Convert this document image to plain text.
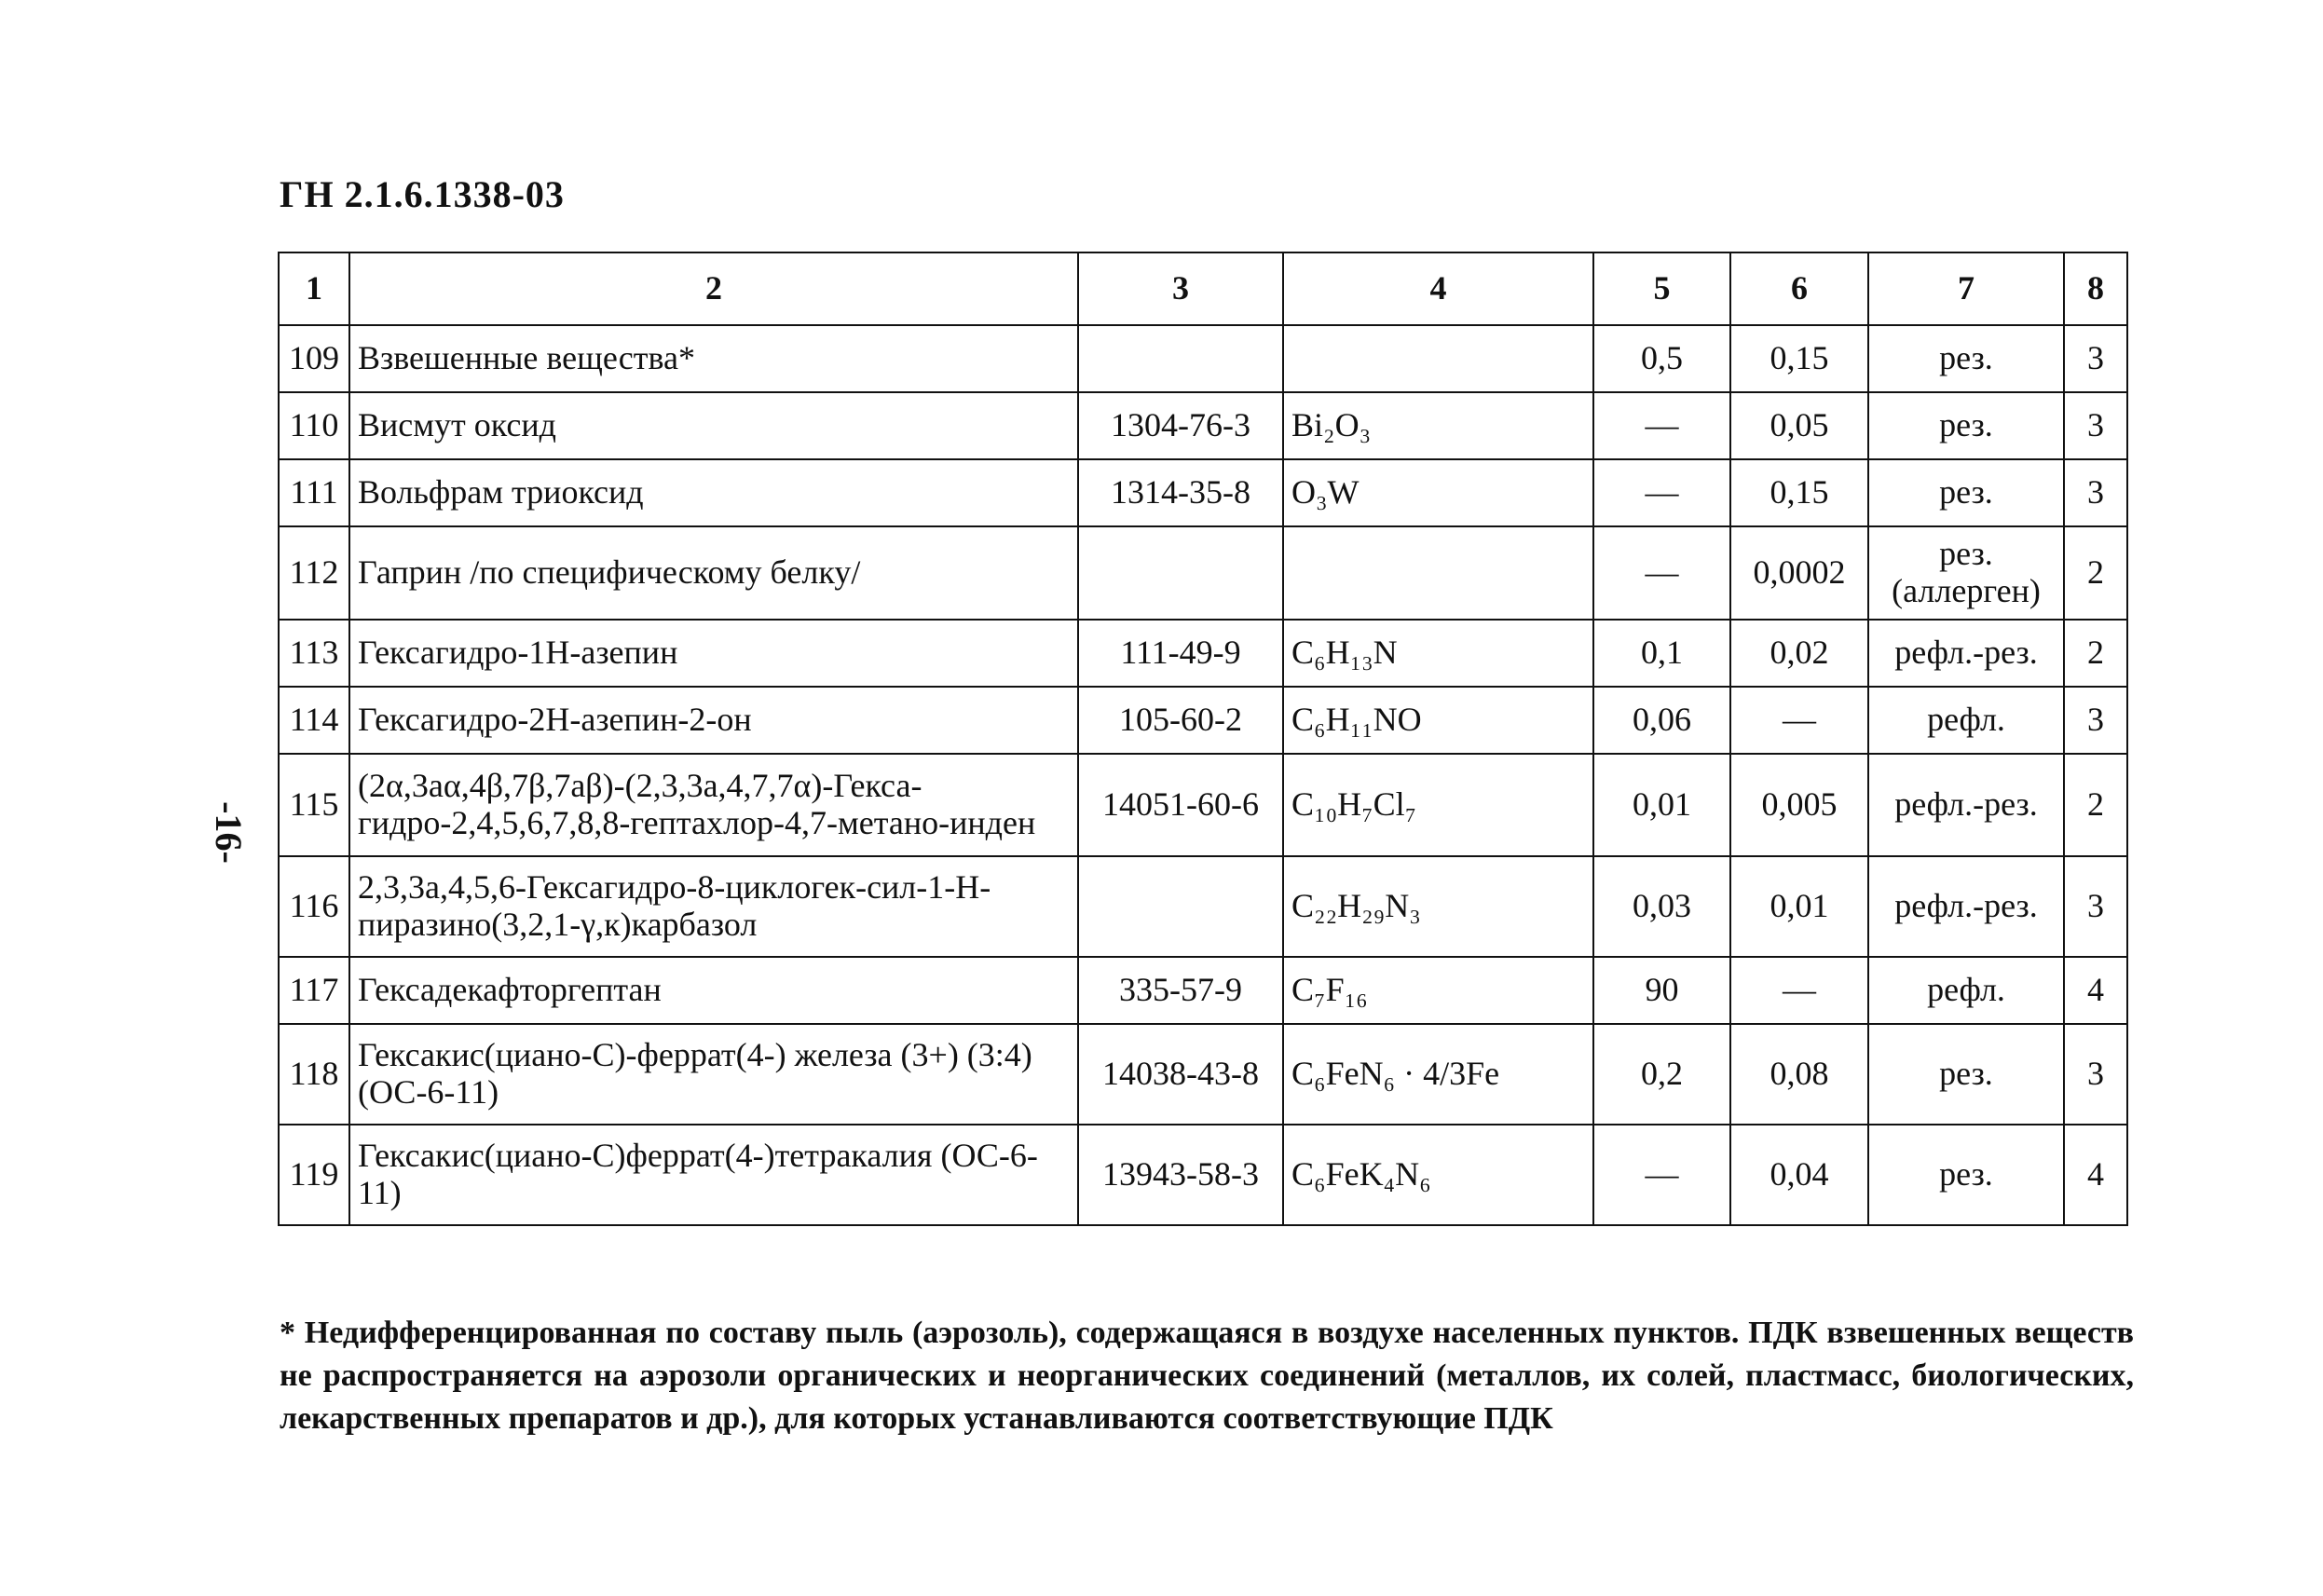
ГН 2.1.6.1338-03
-16-
1	2	3	4	5	6	7	8
109	Взвешенные вещества*			0,5	0,15	рез.	3
110	Висмут оксид	1304-76-3	Bi₂O₃	—	0,05	рез.	3
111	Вольфрам триоксид	1314-35-8	O₃W	—	0,15	рез.	3
112	Гаприн /по специфическому белку/			—	0,0002	рез. (аллерген)	2
113	Гексагидро-1Н-азепин	111-49-9	C₆H₁₃N	0,1	0,02	рефл.-рез.	2
114	Гексагидро-2Н-азепин-2-он	105-60-2	C₆H₁₁NO	0,06	—	рефл.	3
115	(2α,3аα,4β,7β,7аβ)-(2,3,3а,4,7,7α)-Гекса-гидро-2,4,5,6,7,8,8-гептахлор-4,7-метано-инден	14051-60-6	C₁₀H₇Cl₇	0,01	0,005	рефл.-рез.	2
116	2,3,3а,4,5,6-Гексагидро-8-циклогек-сил-1-Н-пиразино(3,2,1-γ,к)карбазол		C₂₂H₂₉N₃	0,03	0,01	рефл.-рез.	3
117	Гексадекафторгептан	335-57-9	C₇F₁₆	90	—	рефл.	4
118	Гексакис(циано-С)-феррат(4-) железа (3+) (3:4)(ОС-6-11)	14038-43-8	C₆FeN₆ · 4/3Fe	0,2	0,08	рез.	3
119	Гексакис(циано-С)феррат(4-)тетракалия (ОС-6-11)	13943-58-3	C₆FeK₄N₆	—	0,04	рез.	4
* Недифференцированная по составу пыль (аэрозоль), содержащаяся в воздухе населенных пунктов. ПДК взвешенных веществ не распространяется на аэрозоли органических и неорганических соединений (металлов, их солей, пластмасс, биологических, лекарственных препаратов и др.), для которых устанавливаются соответствующие ПДК
